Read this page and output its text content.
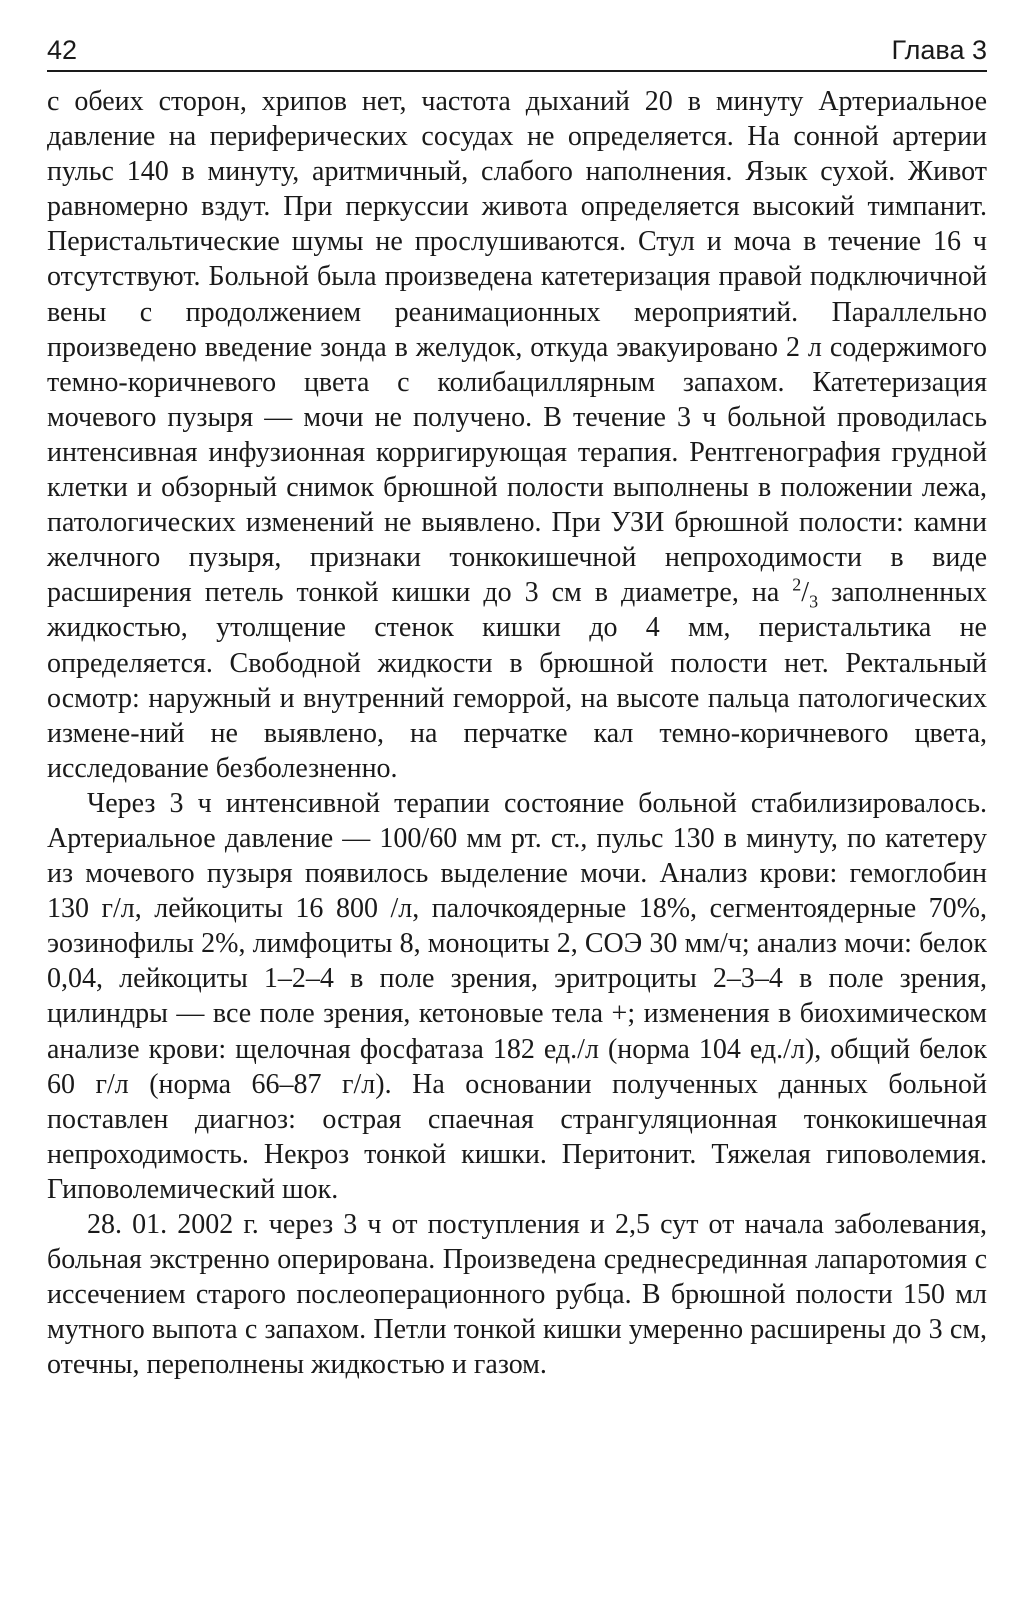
42	Глава 3

с обеих сторон, хрипов нет, частота дыханий 20 в минуту Артериальное давление на периферических сосудах не определяется. На сонной артерии пульс 140 в минуту, аритмичный, слабого наполнения. Язык сухой. Живот равномерно вздут. При перкуссии живота определяется высокий тимпанит. Перистальтические шумы не прослушиваются. Стул и моча в течение 16 ч отсутствуют. Больной была произведена катетеризация правой подключичной вены с продолжением реанимационных мероприятий. Параллельно произведено введение зонда в желудок, откуда эвакуировано 2 л содержимого темно-коричневого цвета с колибациллярным запахом. Катетеризация мочевого пузыря — мочи не получено. В течение 3 ч больной проводилась интенсивная инфузионная корригирующая терапия. Рентгенография грудной клетки и обзорный снимок брюшной полости выполнены в положении лежа, патологических изменений не выявлено. При УЗИ брюшной полости: камни желчного пузыря, признаки тонкокишечной непроходимости в виде расширения петель тонкой кишки до 3 см в диаметре, на $^2/_3$ заполненных жидкостью, утолщение стенок кишки до 4 мм, перистальтика не определяется. Свободной жидкости в брюшной полости нет. Ректальный осмотр: наружный и внутренний геморрой, на высоте пальца патологических измене-ний не выявлено, на перчатке кал темно-коричневого цвета, исследование безболезненно.

Через 3 ч интенсивной терапии состояние больной стабилизировалось. Артериальное давление — 100/60 мм рт. ст., пульс 130 в минуту, по катетеру из мочевого пузыря появилось выделение мочи. Анализ крови: гемоглобин 130 г/л, лейкоциты 16 800 /л, палочкоядерные 18%, сегментоядерные 70%, эозинофилы 2%, лимфоциты 8, моноциты 2, СОЭ 30 мм/ч; анализ мочи: белок 0,04, лейкоциты 1–2–4 в поле зрения, эритроциты 2–3–4 в поле зрения, цилиндры — все поле зрения, кетоновые тела +; изменения в биохимическом анализе крови: щелочная фосфатаза 182 ед./л (норма 104 ед./л), общий белок 60 г/л (норма 66–87 г/л). На основании полученных данных больной поставлен диагноз: острая спаечная странгуляционная тонкокишечная непроходимость. Некроз тонкой кишки. Перитонит. Тяжелая гиповолемия. Гиповолемический шок.

28. 01. 2002 г. через 3 ч от поступления и 2,5 сут от начала заболевания, больная экстренно оперирована. Произведена среднесрединная лапаротомия с иссечением старого послеоперационного рубца. В брюшной полости 150 мл мутного выпота с запахом. Петли тонкой кишки умеренно расширены до 3 см, отечны, переполнены жидкостью и газом.
